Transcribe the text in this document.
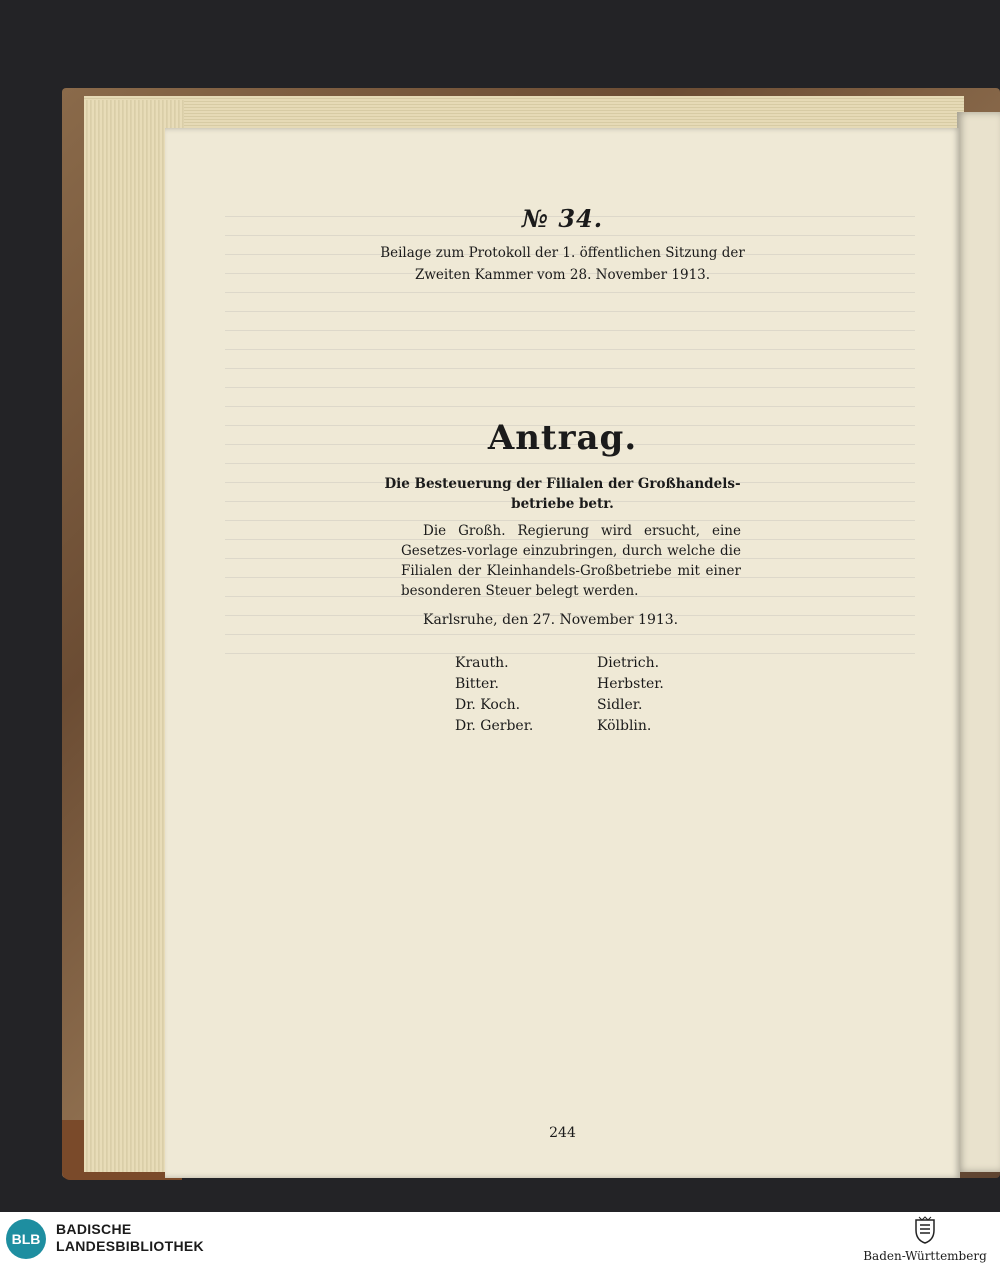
№ 34.
Beilage zum Protokoll der 1. öffentlichen Sitzung der
Zweiten Kammer vom 28. November 1913.
Antrag.
Die Besteuerung der Filialen der Großhandels-
betriebe betr.
Die Großh. Regierung wird ersucht, eine Gesetzes-vorlage einzubringen, durch welche die Filialen der Kleinhandels-Großbetriebe mit einer besonderen Steuer belegt werden.
Karlsruhe, den 27. November 1913.
Krauth.
Bitter.
Dr. Koch.
Dr. Gerber.
Dietrich.
Herbster.
Sidler.
Kölblin.
244
BLB
BADISCHE
LANDESBIBLIOTHEK
Baden-Württemberg
